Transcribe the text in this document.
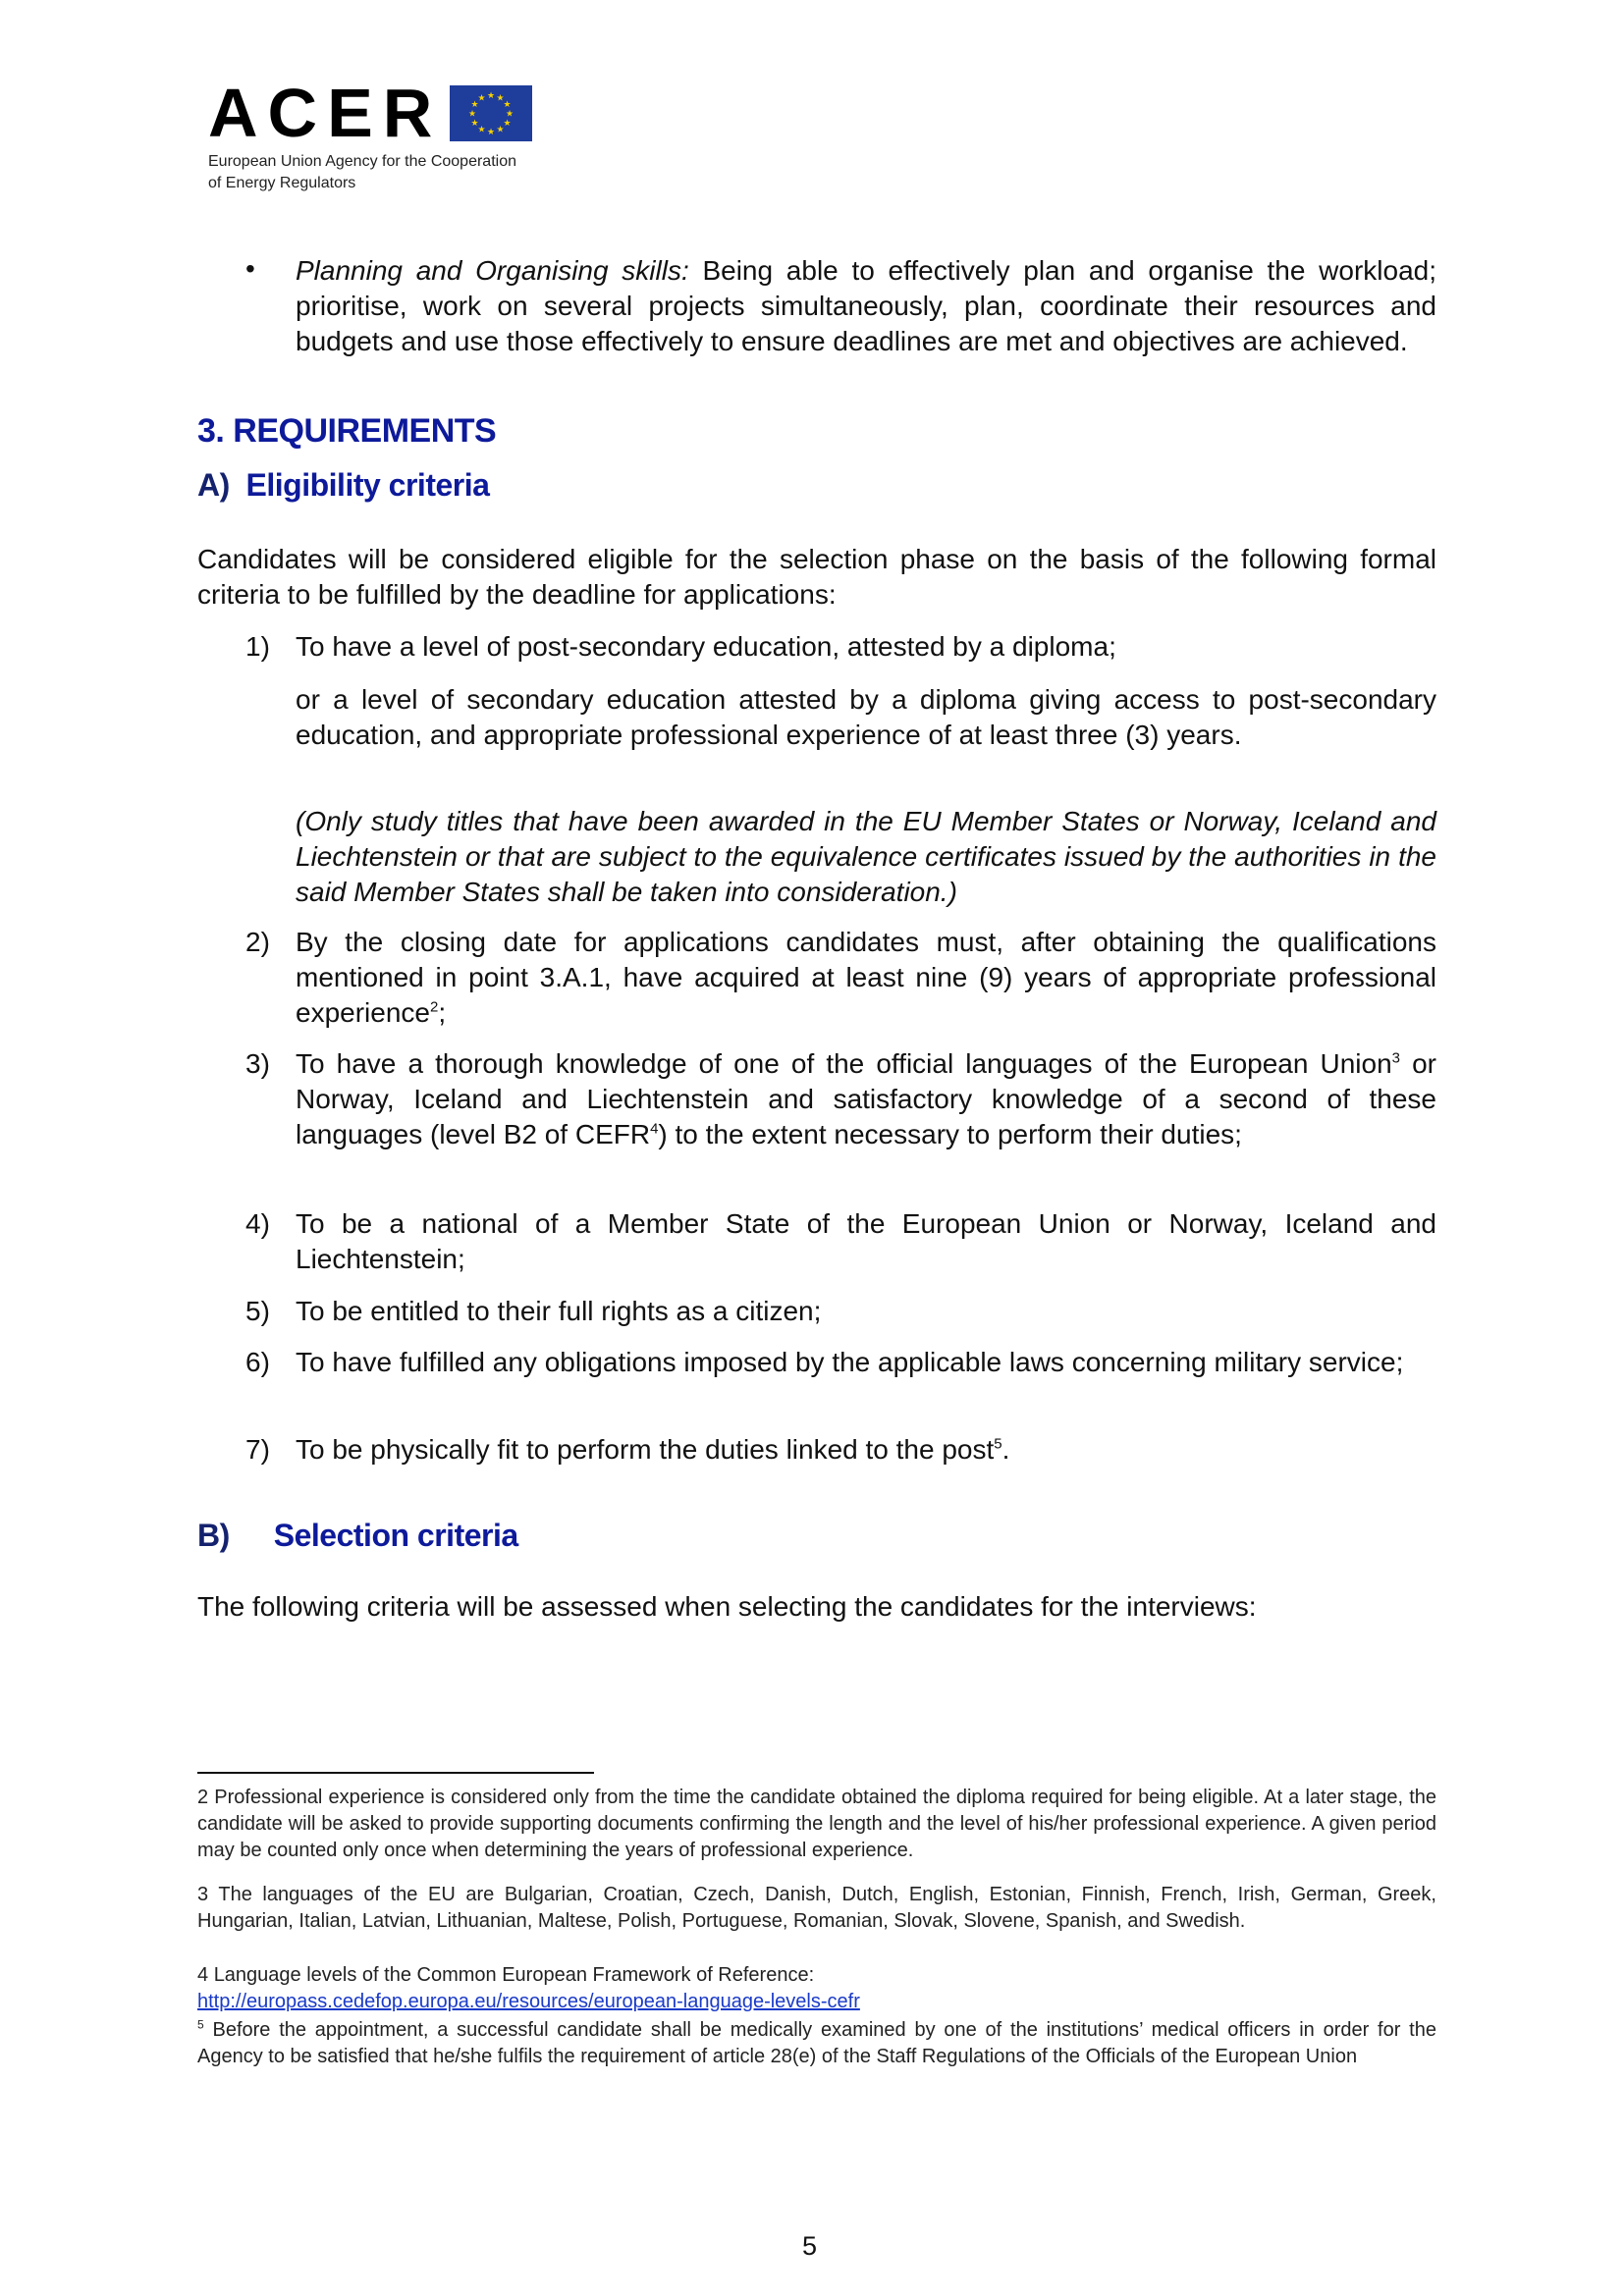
ACER	★ ★
★
★
★
★
★
★
★
★
★
★
European Union Agency for the Cooperation
of Energy Regulators
• Planning and Organising skills: Being able to effectively plan and organise the workload; prioritise, work on several projects simultaneously, plan, coordinate their resources and budgets and use those effectively to ensure deadlines are met and objectives are achieved.

3. REQUIREMENTS
A) Eligibility criteria

Candidates will be considered eligible for the selection phase on the basis of the following formal criteria to be fulfilled by the deadline for applications:

1) To have a level of post-secondary education, attested by a diploma;

or a level of secondary education attested by a diploma giving access to post-secondary education, and appropriate professional experience of at least three (3) years.

(Only study titles that have been awarded in the EU Member States or Norway, Iceland and Liechtenstein or that are subject to the equivalence certificates issued by the authorities in the said Member States shall be taken into consideration.)

2) By the closing date for applications candidates must, after obtaining the qualifications mentioned in point 3.A.1, have acquired at least nine (9) years of appropriate professional experience$^2$;

3) To have a thorough knowledge of one of the official languages of the European Union$^3$ or Norway, Iceland and Liechtenstein and satisfactory knowledge of a second of these languages (level B2 of CEFR$^4$) to the extent necessary to perform their duties;

4) To be a national of a Member State of the European Union or Norway, Iceland and Liechtenstein;

5) To be entitled to their full rights as a citizen;

6) To have fulfilled any obligations imposed by the applicable laws concerning military service;

7) To be physically fit to perform the duties linked to the post$^5$.

B) Selection criteria

The following criteria will be assessed when selecting the candidates for the interviews:

2 Professional experience is considered only from the time the candidate obtained the diploma required for being eligible. At a later stage, the candidate will be asked to provide supporting documents confirming the length and the level of his/her professional experience. A given period may be counted only once when determining the years of professional experience.

3 The languages of the EU are Bulgarian, Croatian, Czech, Danish, Dutch, English, Estonian, Finnish, French, Irish, German, Greek, Hungarian, Italian, Latvian, Lithuanian, Maltese, Polish, Portuguese, Romanian, Slovak, Slovene, Spanish, and Swedish.

4 Language levels of the Common European Framework of Reference:
http://europass.cedefop.europa.eu/resources/european-language-levels-cefr

$^5$ Before the appointment, a successful candidate shall be medically examined by one of the institutions’ medical officers in order for the Agency to be satisfied that he/she fulfils the requirement of article 28(e) of the Staff Regulations of the Officials of the European Union

5
